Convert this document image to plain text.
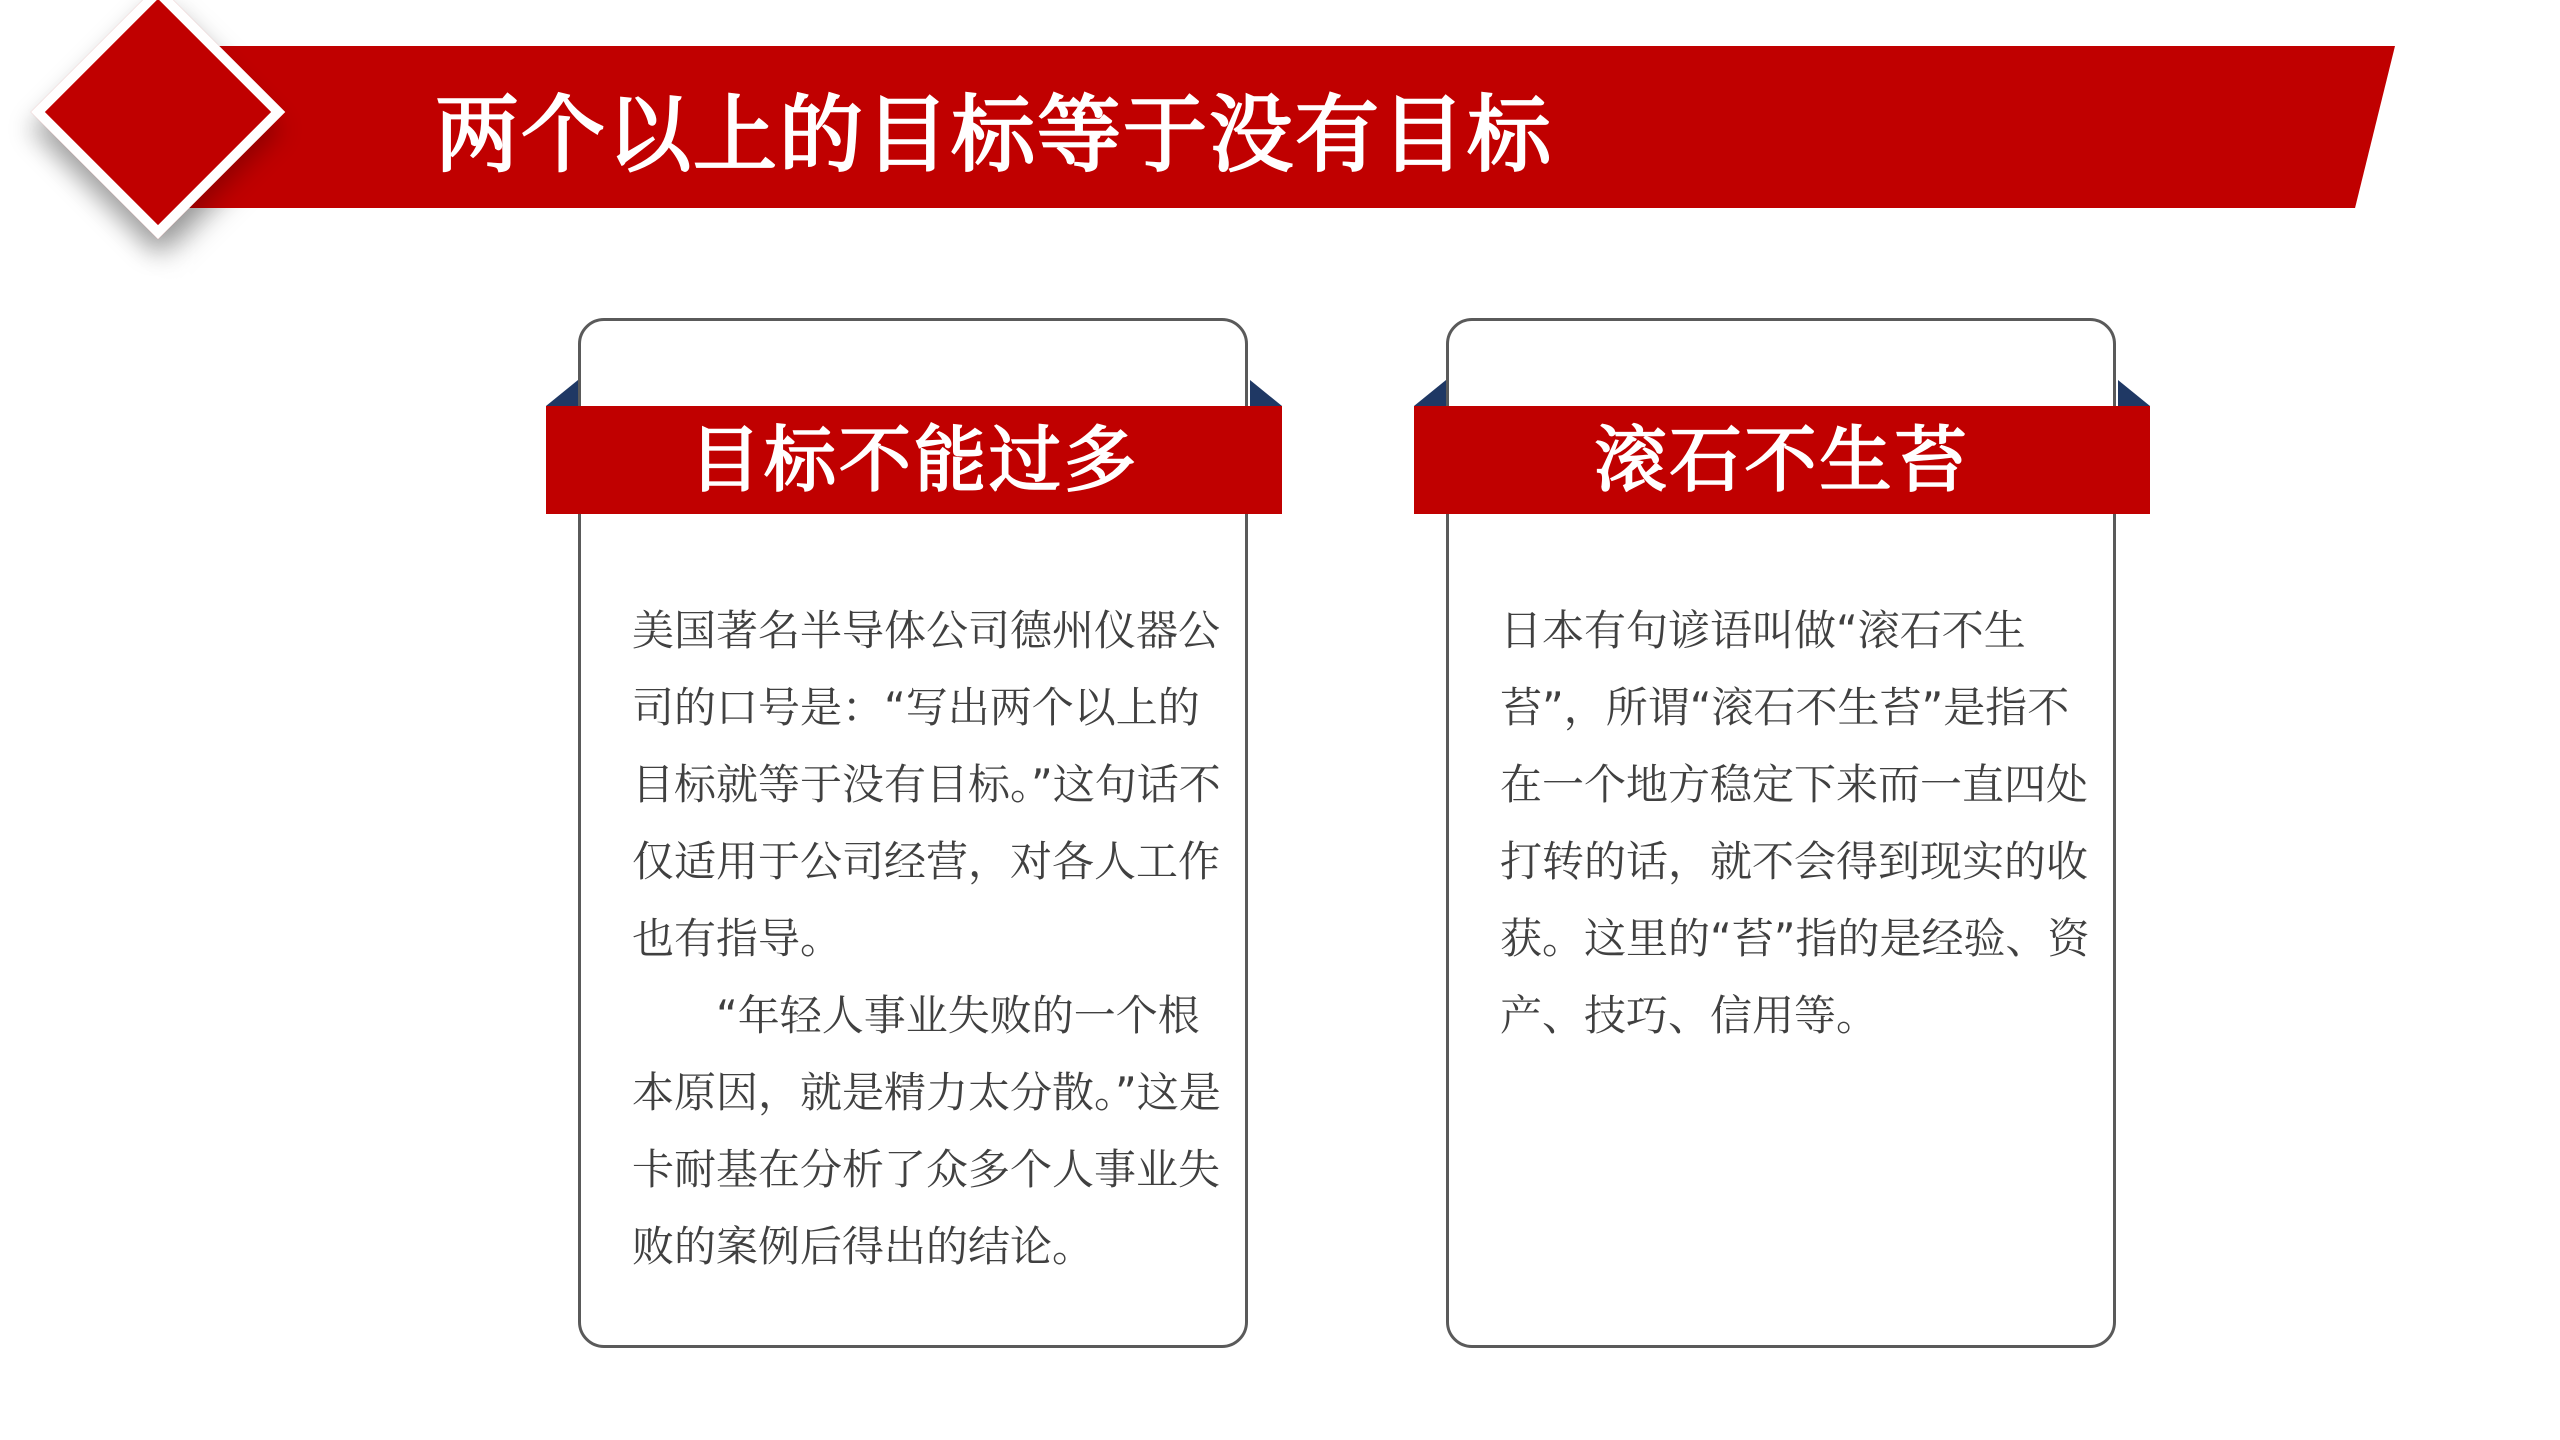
两个以上的目标等于没有目标
目标不能过多

美国著名半导体公司德州仪器公司的口号是：“写出两个以上的目标就等于没有目标。”这句话不仅适用于公司经营，对各人工作也有指导。

“年轻人事业失败的一个根本原因，就是精力太分散。”这是卡耐基在分析了众多个人事业失败的案例后得出的结论。

滚石不生苔

日本有句谚语叫做“滚石不生苔”，所谓“滚石不生苔”是指不在一个地方稳定下来而一直四处打转的话，就不会得到现实的收获。这里的“苔”指的是经验、资产、技巧、信用等。
